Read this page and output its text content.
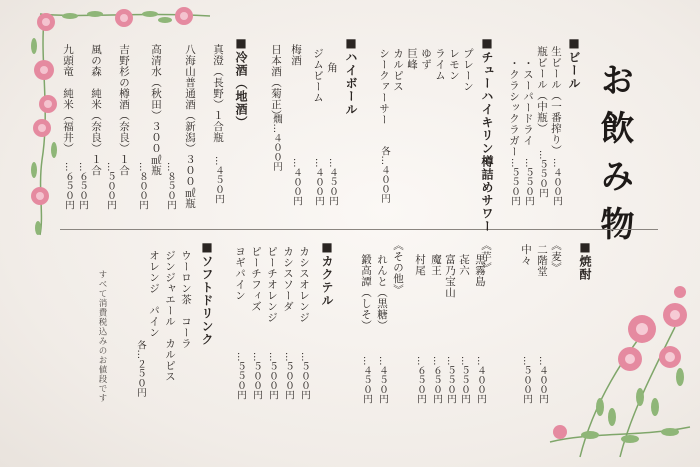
お飲み物
■ ビール
生ビール（一番搾り）
…４００円
瓶ビール（中瓶）
…５５０円
・スーパードライ
…５５０円
・クラシックラガー
…５５０円
■ チューハイキリン樽詰めサワー
プレーン
レモン
ライム
ゆず
巨峰
カルピス
シークァーサー
各…４００円
■ ハイボール
角
…４５０円
ジムビーム
…４００円
梅酒
…４００円
日本酒（菊正）
燗…４００円
■ 冷酒（地酒）
真澄（長野）１合瓶
…４５０円
八海山普通酒（新潟）３００㎖瓶
…８５０円
高清水（秋田）３００㎖瓶
…８００円
吉野杉の樽酒（奈良）１合
…５００円
風の森　純米（奈良）１合
…６５０円
九頭竜　純米（福井）
…６５０円
■ 焼酎
《麦》
二階堂
…４００円
中々
…５００円
《芋》
黒霧島
…４００円
㐂六
…５５０円
富乃宝山
…５５０円
魔王
…６５０円
村尾
…６５０円
《その他》
れんと（黒糖）
…４５０円
鍛高譚（しそ）
…４５０円
■ カクテル
カシスオレンジ
…５００円
カシスソーダ
…５００円
ピーチオレンジ
…５００円
ピーチフィズ
…５００円
ヨギパイン
…５５０円
■ ソフトドリンク
ウーロン茶　コーラ
ジンジャエール　カルピス
オレンジ　パイン
各…２５０円
すべて消費税込みのお値段です
